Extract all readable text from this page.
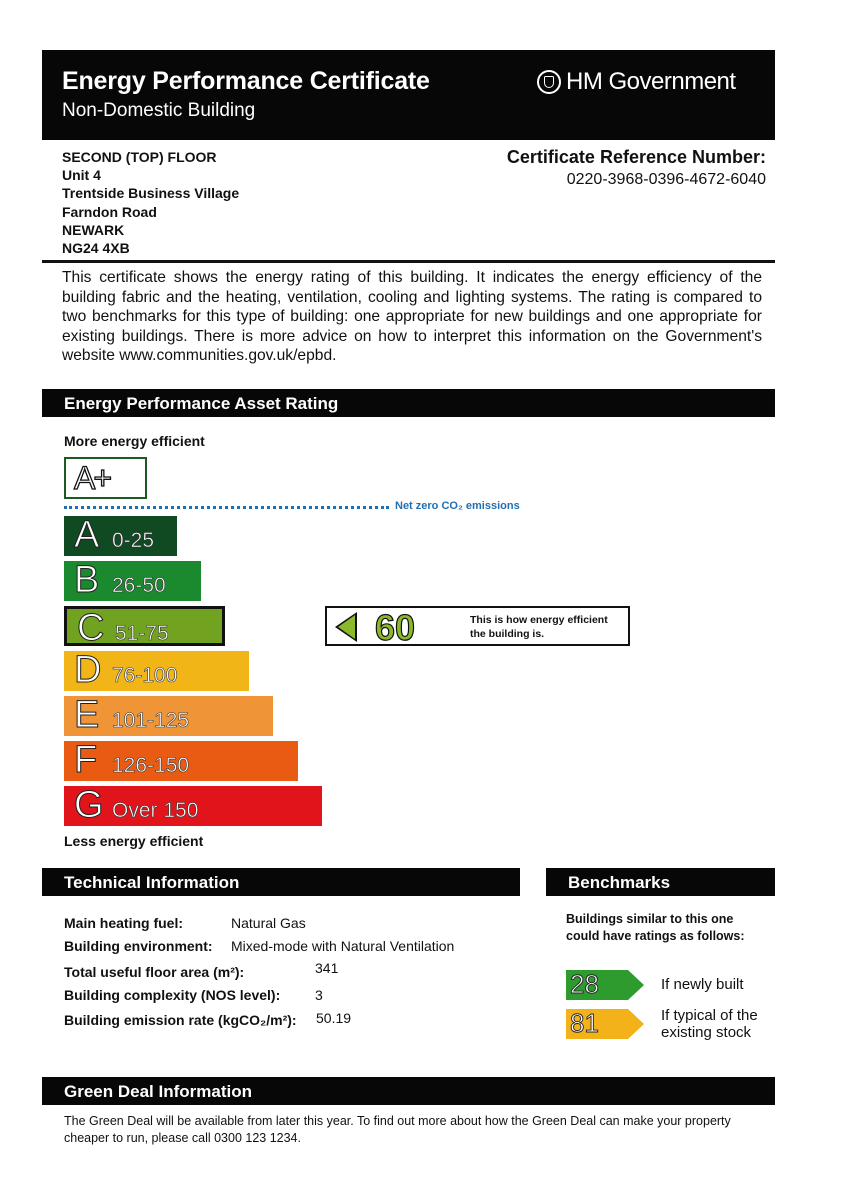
Energy Performance Certificate
Non-Domestic Building
HM Government
SECOND (TOP) FLOOR
Unit 4
Trentside Business Village
Farndon Road
NEWARK
NG24 4XB
Certificate Reference Number:
0220-3968-0396-4672-6040
This certificate shows the energy rating of this building. It indicates the energy efficiency of the building fabric and the heating, ventilation, cooling and lighting systems. The rating is compared to two benchmarks for this type of building: one appropriate for new buildings and one appropriate for existing buildings. There is more advice on how to interpret this information on the Government's website www.communities.gov.uk/epbd.
Energy Performance Asset Rating
More energy efficient
A+
Net zero CO₂ emissions
A 0-25
B 26-50
C 51-75
D 76-100
E 101-125
F 126-150
G Over 150
60	This is how energy efficient the building is.
Less energy efficient
Technical Information
Main heating fuel:	Natural Gas
Building environment: Mixed-mode with Natural Ventilation
Total useful floor area (m²):	341
Building complexity (NOS level): 3
Building emission rate (kgCO₂/m²): 50.19
Benchmarks
Buildings similar to this one could have ratings as follows:
28	If newly built
81	If typical of the existing stock
Green Deal Information
The Green Deal will be available from later this year. To find out more about how the Green Deal can make your property cheaper to run, please call 0300 123 1234.
